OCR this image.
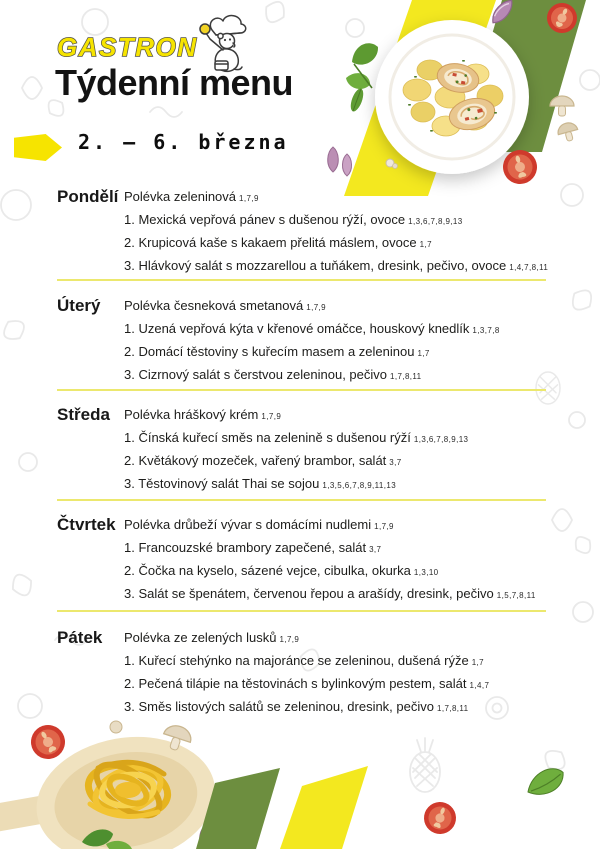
GASTRON
Týdenní menu
2. – 6. března
Pondělí Polévka zeleninová 1,7,9
1. Mexická vepřová pánev s dušenou rýží, ovoce 1,3,6,7,8,9,13
2. Krupicová kaše s kakaem přelitá máslem, ovoce 1,7
3. Hlávkový salát s mozzarellou a tuňákem, dresink, pečivo, ovoce 1,4,7,8,11
Úterý	Polévka česneková smetanová 1,7,9
1. Uzená vepřová kýta v křenové omáčce, houskový knedlík 1,3,7,8
2. Domácí těstoviny s kuřecím masem a zeleninou 1,7
3. Cizrnový salát s čerstvou zeleninou, pečivo 1,7,8,11
Středa	Polévka hráškový krém 1,7,9
1. Čínská kuřecí směs na zelenině s dušenou rýží 1,3,6,7,8,9,13
2. Květákový mozeček, vařený brambor, salát 3,7
3. Těstovinový salát Thai se sojou 1,3,5,6,7,8,9,11,13
Čtvrtek Polévka drůbeží vývar s domácími nudlemi 1,7,9
1. Francouzské brambory zapečené, salát 3,7
2. Čočka na kyselo, sázené vejce, cibulka, okurka 1,3,10
3. Salát se špenátem, červenou řepou a arašídy, dresink, pečivo 1,5,7,8,11
Pátek	Polévka ze zelených lusků 1,7,9
1. Kuřecí stehýnko na majoránce se zeleninou, dušená rýže 1,7
2. Pečená tilápie na těstovinách s bylinkovým pestem, salát 1,4,7
3. Směs listových salátů se zeleninou, dresink, pečivo 1,7,8,11
